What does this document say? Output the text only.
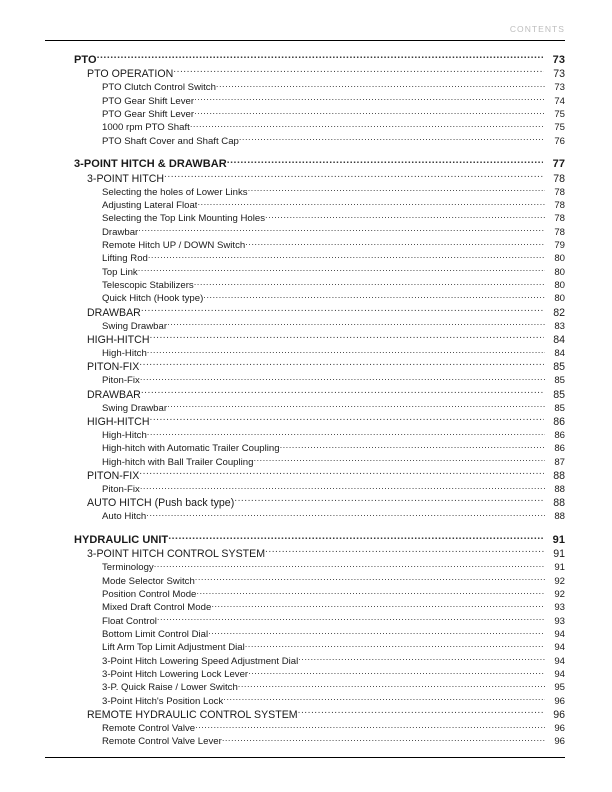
CONTENTS
PTO .....	73
PTO OPERATION .....	73
PTO Clutch Control Switch .....	73
PTO Gear Shift Lever .....	74
PTO Gear Shift Lever .....	75
1000 rpm PTO Shaft .....	75
PTO Shaft Cover and Shaft Cap .....	76
3-POINT HITCH & DRAWBAR .....	77
3-POINT HITCH .....	78
Selecting the holes of Lower Links .....	78
Adjusting Lateral Float .....	78
Selecting the Top Link Mounting Holes .....	78
Drawbar .....	78
Remote Hitch UP / DOWN Switch .....	79
Lifting Rod .....	80
Top Link .....	80
Telescopic Stabilizers .....	80
Quick Hitch (Hook type) .....	80
DRAWBAR .....	82
Swing Drawbar .....	83
HIGH-HITCH .....	84
High-Hitch .....	84
PITON-FIX .....	85
Piton-Fix .....	85
DRAWBAR .....	85
Swing Drawbar .....	85
HIGH-HITCH .....	86
High-Hitch .....	86
High-hitch with Automatic Trailer Coupling .....	86
High-hitch with Ball Trailer Coupling .....	87
PITON-FIX .....	88
Piton-Fix .....	88
AUTO HITCH (Push back type) .....	88
Auto Hitch .....	88
HYDRAULIC UNIT .....	91
3-POINT HITCH CONTROL SYSTEM .....	91
Terminology .....	91
Mode Selector Switch .....	92
Position Control Mode .....	92
Mixed Draft Control Mode .....	93
Float Control .....	93
Bottom Limit Control Dial .....	94
Lift Arm Top Limit Adjustment Dial .....	94
3-Point Hitch Lowering Speed Adjustment Dial .....	94
3-Point Hitch Lowering Lock Lever .....	94
3-P. Quick Raise / Lower Switch .....	95
3-Point Hitch's Position Lock .....	96
REMOTE HYDRAULIC CONTROL SYSTEM .....	96
Remote Control Valve .....	96
Remote Control Valve Lever .....	96
